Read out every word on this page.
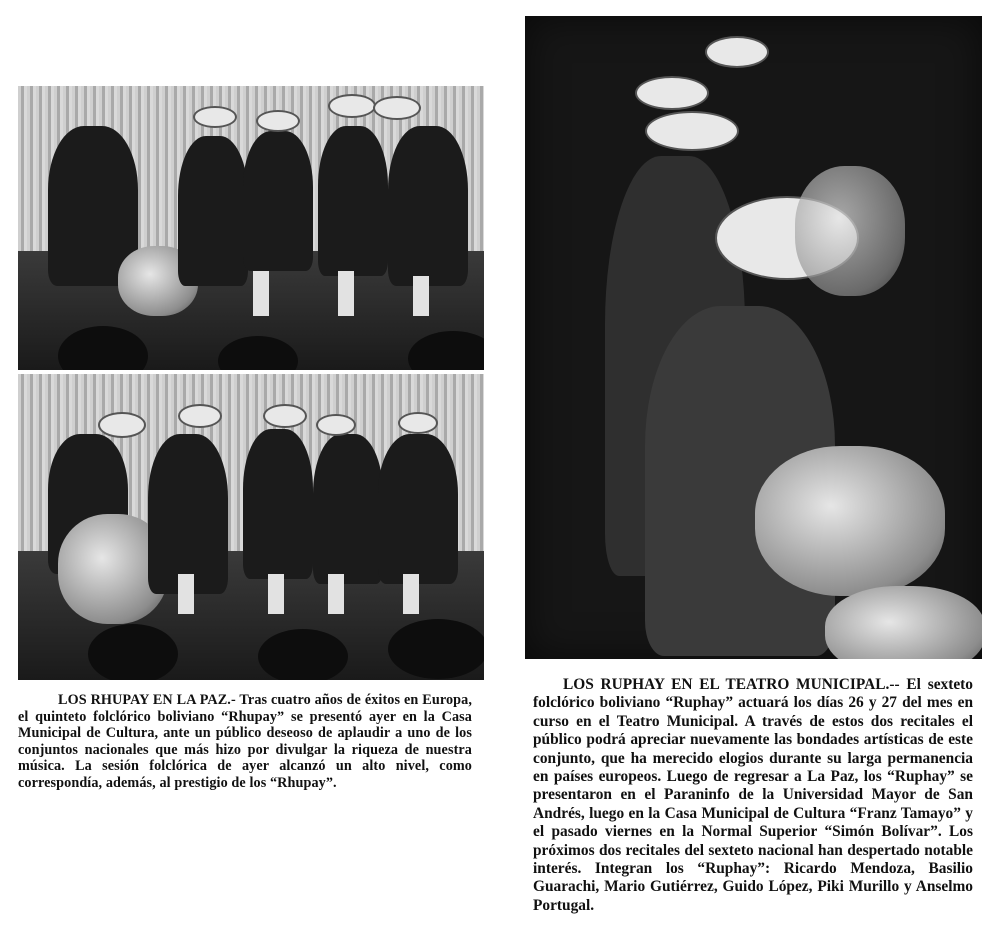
LOS RHUPAY EN LA PAZ.- Tras cuatro años de éxitos en Europa, el quinteto folclórico boliviano “Rhupay” se presentó ayer en la Casa Municipal de Cultura, ante un público deseoso de aplaudir a uno de los conjuntos nacionales que más hizo por divulgar la riqueza de nuestra música. La sesión folclórica de ayer alcanzó un alto nivel, como correspondía, además, al prestigio de los “Rhupay”.
LOS RUPHAY EN EL TEATRO MUNICIPAL.-- El sexteto folclórico boliviano “Ruphay” actuará los días 26 y 27 del mes en curso en el Teatro Municipal. A través de estos dos recitales el público podrá apreciar nuevamente las bondades artísticas de este conjunto, que ha merecido elogios durante su larga permanencia en países europeos. Luego de regresar a La Paz, los “Ruphay” se presentaron en el Paraninfo de la Universidad Mayor de San Andrés, luego en la Casa Municipal de Cultura “Franz Tamayo” y el pasado viernes en la Normal Superior “Simón Bolívar”. Los próximos dos recitales del sexteto nacional han despertado notable interés. Integran los “Ruphay”: Ricardo Mendoza, Basilio Guarachi, Mario Gutiérrez, Guido López, Piki Murillo y Anselmo Portugal.
